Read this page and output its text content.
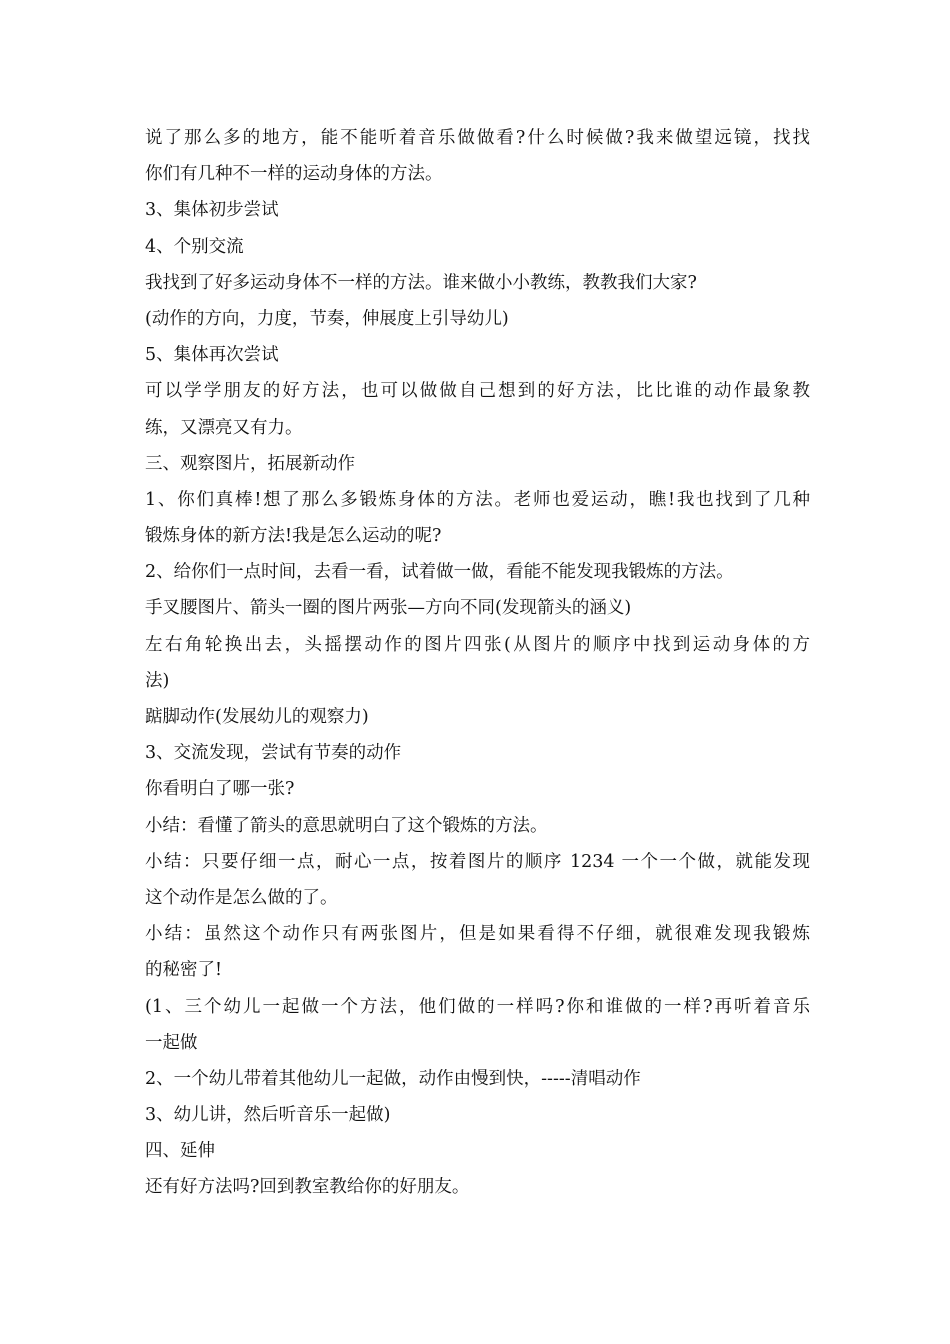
说了那么多的地方，能不能听着音乐做做看?什么时候做?我来做望远镜，找找
你们有几种不一样的运动身体的方法。
3、集体初步尝试
4、个别交流
我找到了好多运动身体不一样的方法。谁来做小小教练，教教我们大家?
(动作的方向，力度，节奏，伸展度上引导幼儿)
5、集体再次尝试
可以学学朋友的好方法，也可以做做自己想到的好方法，比比谁的动作最象教
练，又漂亮又有力。
三、观察图片，拓展新动作
1、你们真棒!想了那么多锻炼身体的方法。老师也爱运动，瞧!我也找到了几种
锻炼身体的新方法!我是怎么运动的呢?
2、给你们一点时间，去看一看，试着做一做，看能不能发现我锻炼的方法。
手叉腰图片、箭头一圈的图片两张—方向不同(发现箭头的涵义)
左右角轮换出去，头摇摆动作的图片四张(从图片的顺序中找到运动身体的方
法)
踮脚动作(发展幼儿的观察力)
3、交流发现，尝试有节奏的动作
你看明白了哪一张?
小结：看懂了箭头的意思就明白了这个锻炼的方法。
小结：只要仔细一点，耐心一点，按着图片的顺序 1234 一个一个做，就能发现
这个动作是怎么做的了。
小结：虽然这个动作只有两张图片，但是如果看得不仔细，就很难发现我锻炼
的秘密了!
(1、三个幼儿一起做一个方法，他们做的一样吗?你和谁做的一样?再听着音乐
一起做
2、一个幼儿带着其他幼儿一起做，动作由慢到快，-----清唱动作
3、幼儿讲，然后听音乐一起做)
四、延伸
还有好方法吗?回到教室教给你的好朋友。
